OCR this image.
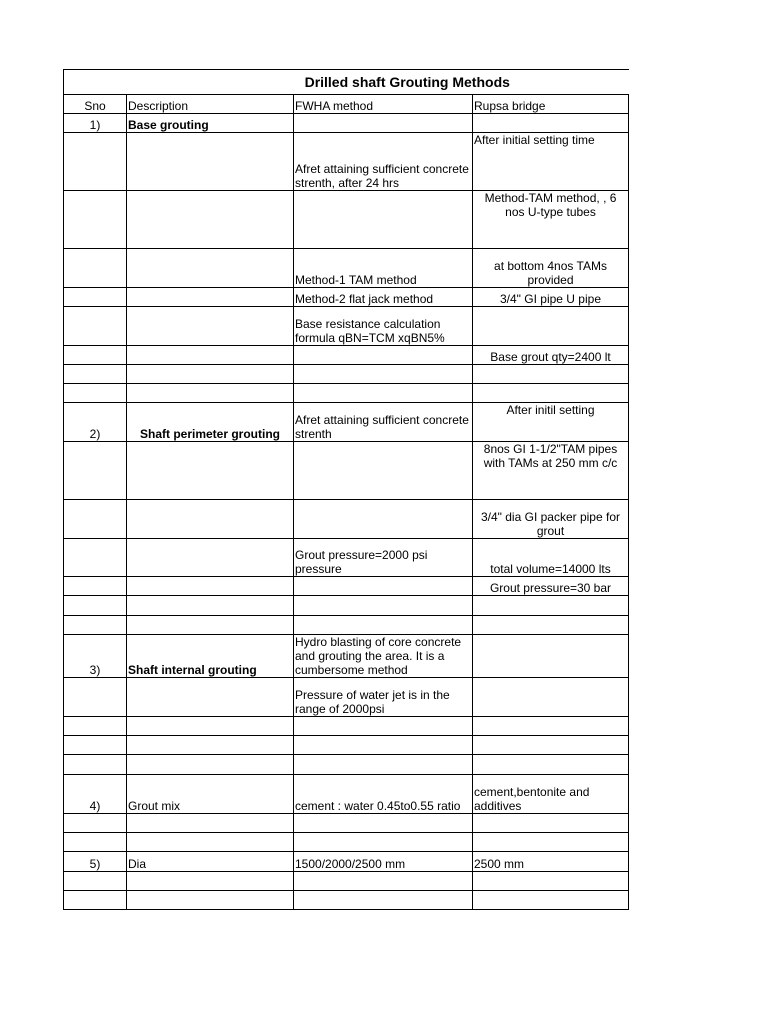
Drilled shaft Grouting Methods			
Sno	Description	FWHA method	Rupsa bridge
1)	Base grouting		
		Afret attaining sufficient concrete strenth, after 24 hrs	After initial setting time
			Method-TAM method, , 6 nos U-type tubes
		Method-1 TAM method	at bottom 4nos TAMs provided
		Method-2 flat jack method	3/4" GI pipe U pipe
		Base resistance calculation formula qBN=TCM xqBN5%	
			Base grout qty=2400 lt

2)	Shaft perimeter grouting	Afret attaining sufficient concrete strenth	After initil setting
			8nos GI 1-1/2"TAM pipes with TAMs at 250 mm c/c
			3/4" dia GI packer pipe for grout
		Grout pressure=2000 psi pressure	total volume=14000 lts
			Grout pressure=30 bar

3)	Shaft internal grouting	Hydro blasting of core concrete and grouting the area. It is a cumbersome method	
		Pressure of water jet is in the range of 2000psi	

4)	Grout mix	cement : water 0.45to0.55 ratio	cement,bentonite and additives

5)	Dia	1500/2000/2500 mm	2500 mm
